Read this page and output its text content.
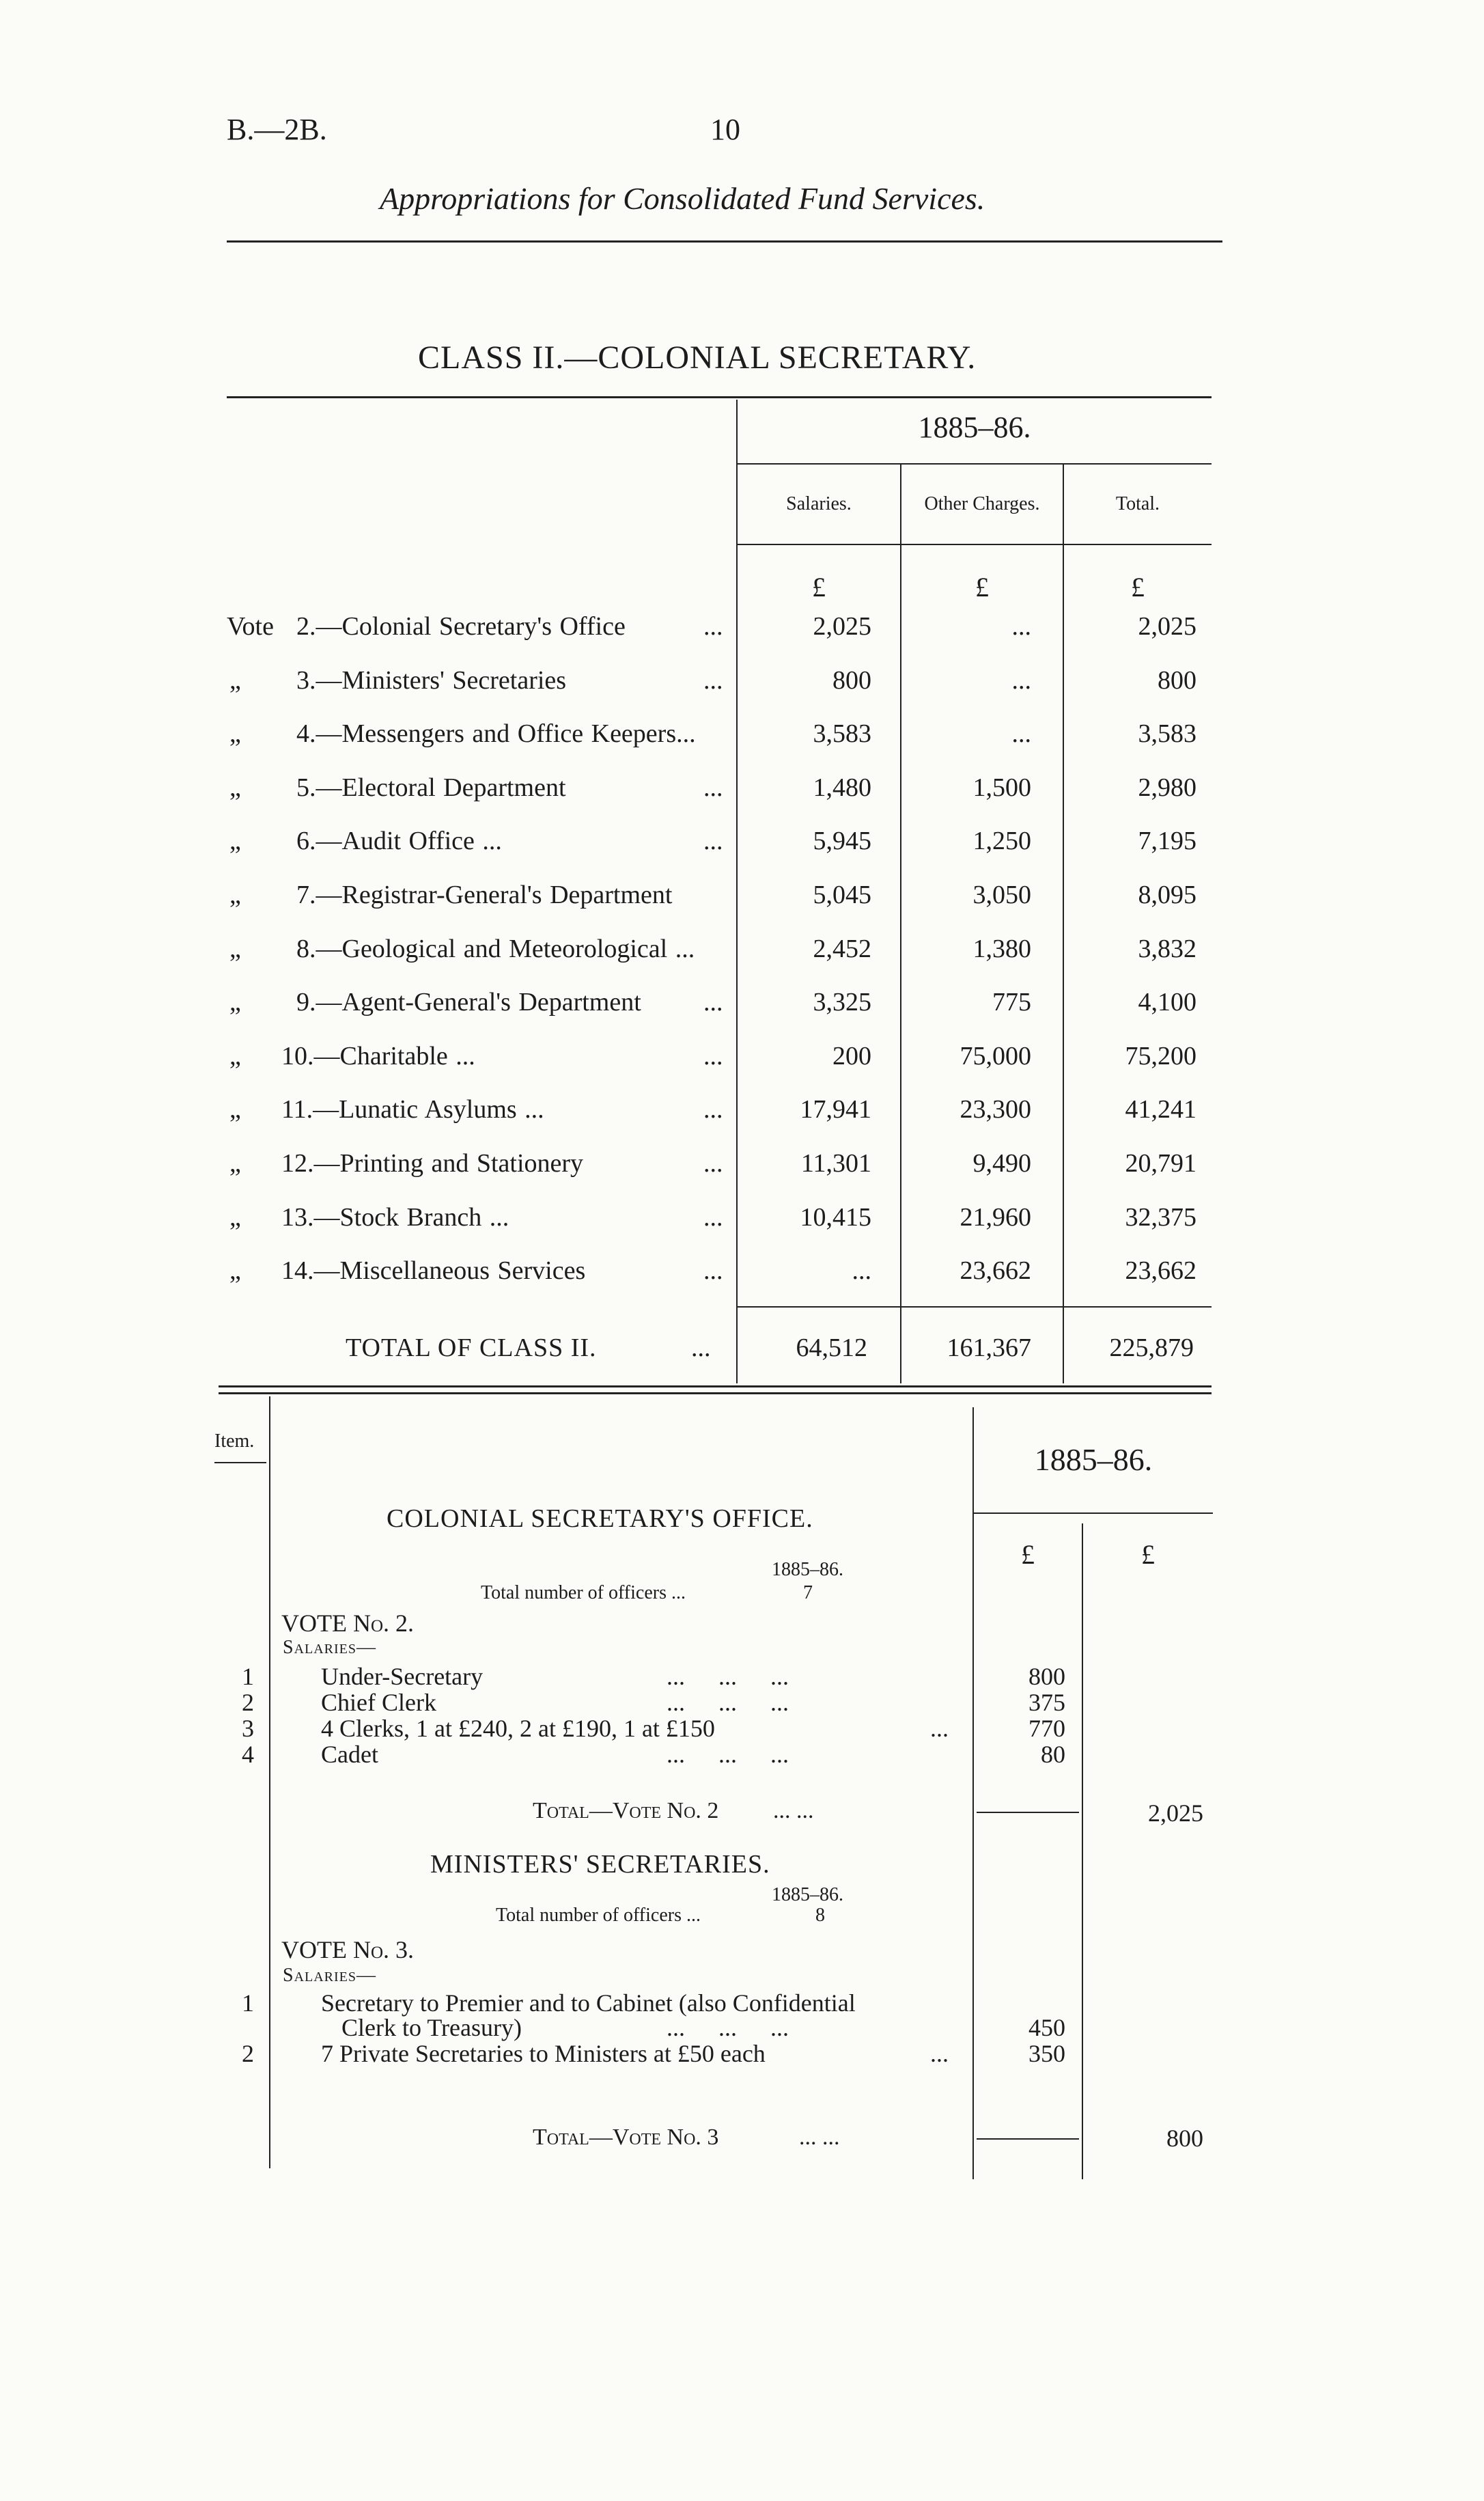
B.—2B.	10
Appropriations for Consolidated Fund Services.
CLASS II.—COLONIAL SECRETARY.
1885–86.
Salaries.	Other Charges.	Total.
£	£	£
Vote 2.—Colonial Secretary's Office	...	2,025	...	2,025
„ 3.—Ministers' Secretaries	...	800	...	800
„ 4.—Messengers and Office Keepers...	3,583	...	3,583
„ 5.—Electoral Department	...	1,480	1,500	2,980
„ 6.—Audit Office ...	...	5,945	1,250	7,195
„ 7.—Registrar-General's Department	5,045	3,050	8,095
„ 8.—Geological and Meteorological ...	2,452	1,380	3,832
„ 9.—Agent-General's Department ...	3,325	775	4,100
„ 10.—Charitable ...	...	200	75,000	75,200
„ 11.—Lunatic Asylums ...	...	17,941	23,300	41,241
„ 12.—Printing and Stationery	...	11,301	9,490	20,791
„ 13.—Stock Branch ...	...	10,415	21,960	32,375
„ 14.—Miscellaneous Services	...	...	23,662	23,662
TOTAL OF CLASS II.	...	64,512	161,367	225,879
Item.
1885–86.
£	£
COLONIAL SECRETARY'S OFFICE.
1885–86.
Total number of officers ...	7
VOTE No. 2.
Salaries—
1	Under-Secretary	... ... ...	800
2	Chief Clerk	... ... ...	375
3	4 Clerks, 1 at £240, 2 at £190, 1 at £150	...	770
4	Cadet	... ... ...	80
Total—Vote No. 2 ... ...	2,025
MINISTERS' SECRETARIES.
1885–86.
Total number of officers ...	8
VOTE No. 3.
Salaries—
1	Secretary to Premier and to Cabinet (also Confidential
Clerk to Treasury)	... ... ...	450
2	7 Private Secretaries to Ministers at £50 each	...	350
Total—Vote No. 3	... ...	800
